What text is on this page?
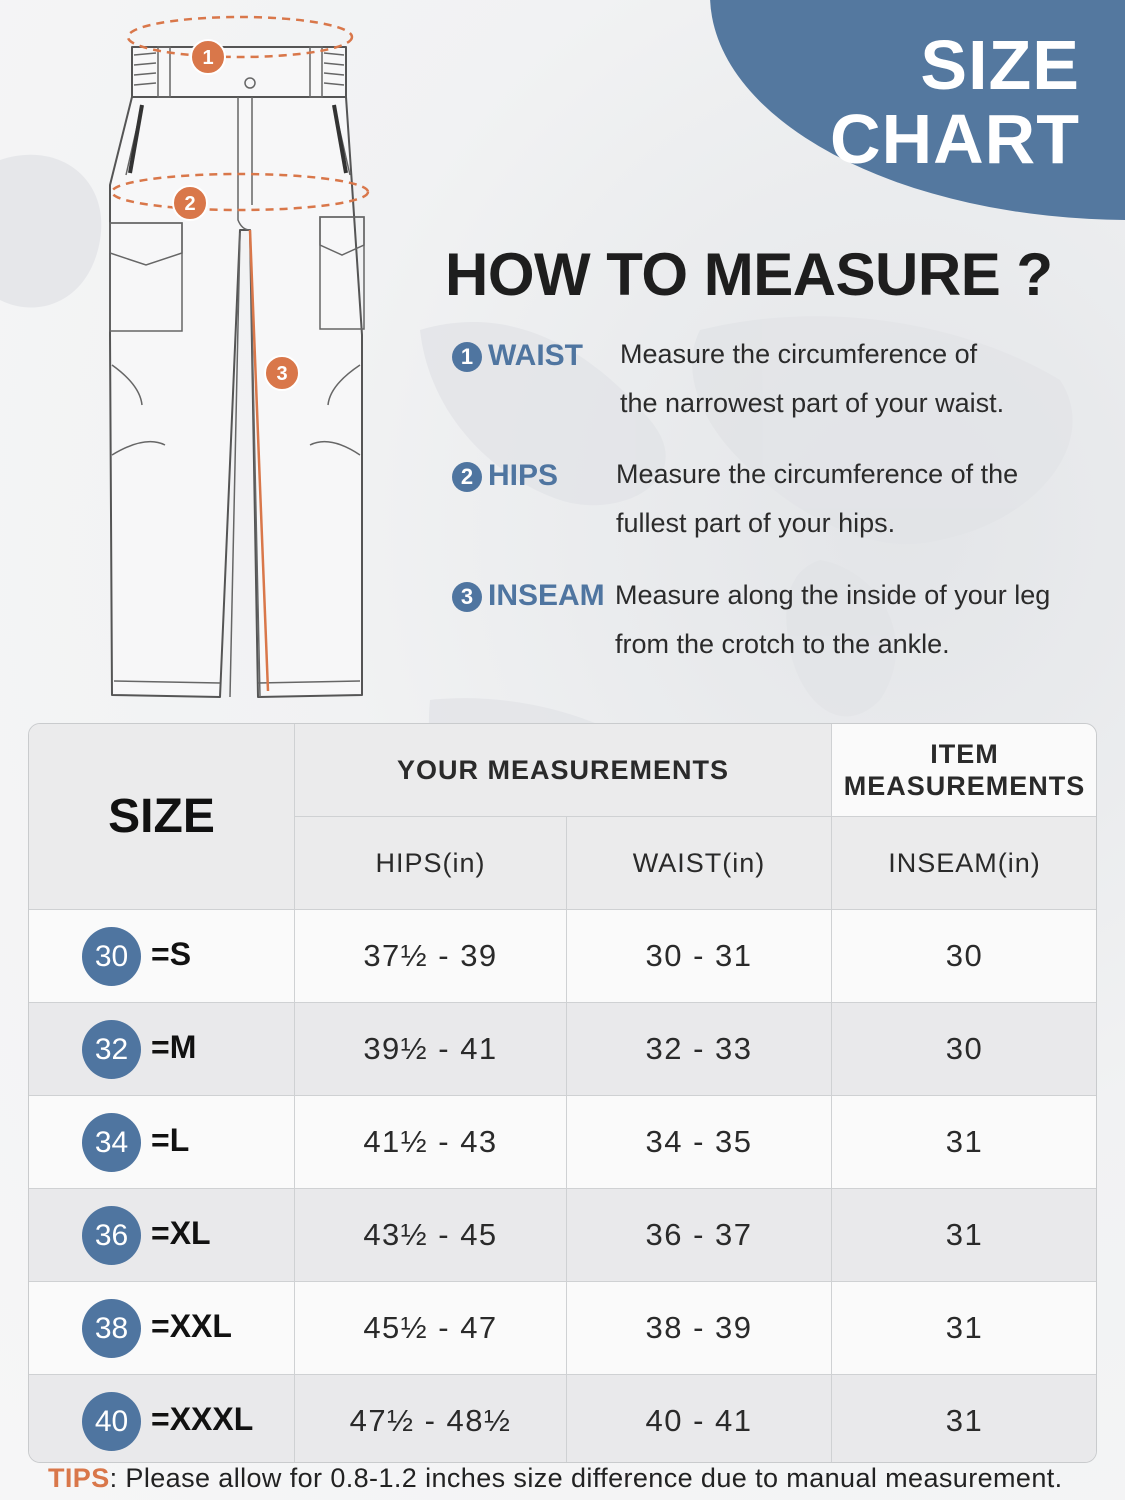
SIZE
CHART
1
2
3
HOW TO MEASURE ?
1 WAIST Measure the circumference of
the narrowest part of your waist.
2 HIPS Measure the circumference of the
fullest part of your hips.
3 INSEAM Measure along the inside of your leg
from the crotch to the ankle.
SIZE	YOUR MEASUREMENTS		ITEM
MEASUREMENTS

	HIPS(in)	WAIST(in)	INSEAM(in)

30 =S	37½ - 39	30 - 31	30

32 =M	39½ - 41	32 - 33	30

34 =L	41½ - 43	34 - 35	31

36 =XL	43½ - 45	36 - 37	31

38 =XXL	45½ - 47	38 - 39	31

40 =XXXL	47½ - 48½	40 - 41	31
TIPS: Please allow for 0.8-1.2 inches size difference due to manual measurement.
